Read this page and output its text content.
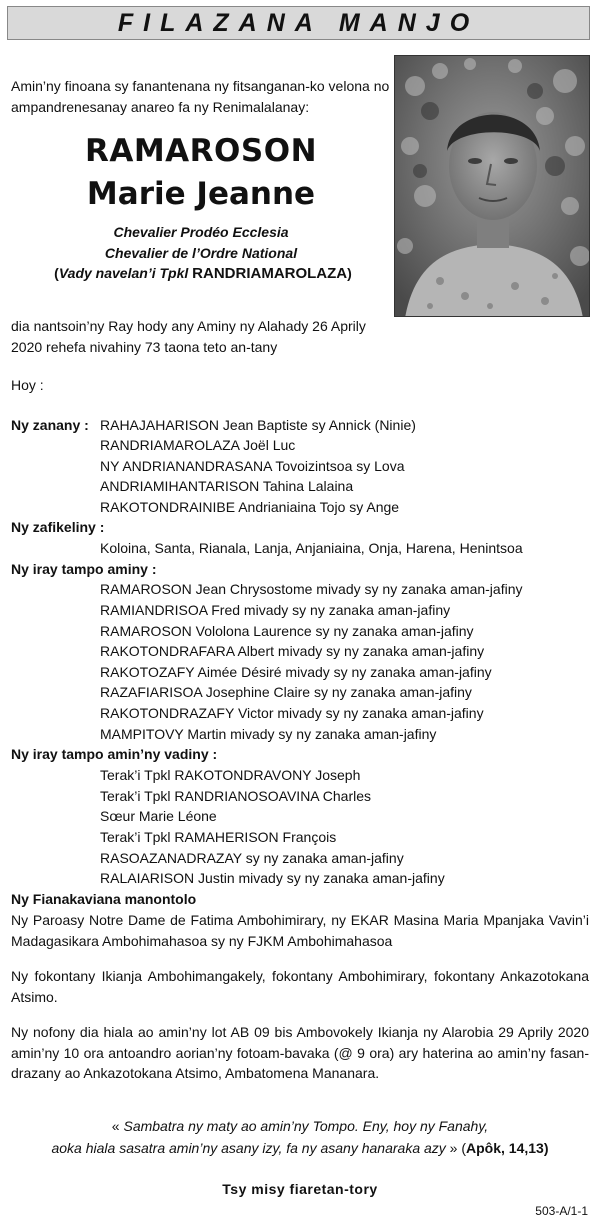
FILAZANA MANJO
Amin’ny finoana sy fanantenana ny fitsanganan-ko velona no ampandrenesanay anareo fa ny Renimalalanay:
RAMAROSON
Marie Jeanne
Chevalier Prodéo Ecclesia
Chevalier de l’Ordre National
(Vady navelan’i Tpkl RANDRIAMAROLAZA)
dia nantsoin’ny Ray hody any Aminy ny Alahady 26 Aprily 2020 rehefa nivahiny 73 taona teto an-tany
Hoy :
Ny zanany : RAHAJAHARISON Jean Baptiste sy Annick (Ninie)
RANDRIAMAROLAZA Joël Luc
NY ANDRIANANDRASANA Tovoizintsoa sy Lova
ANDRIAMIHANTARISON Tahina Lalaina
RAKOTONDRAINIBE Andrianiaina Tojo sy Ange
Ny zafikeliny :
Koloina, Santa, Rianala, Lanja, Anjaniaina, Onja, Harena, Henintsoa
Ny iray tampo aminy :
RAMAROSON Jean Chrysostome mivady sy ny zanaka aman-jafiny
RAMIANDRISOA Fred mivady sy ny zanaka aman-jafiny
RAMAROSON Vololona Laurence sy ny zanaka aman-jafiny
RAKOTONDRAFARA Albert mivady sy ny zanaka aman-jafiny
RAKOTOZAFY Aimée Désiré mivady sy ny zanaka aman-jafiny
RAZAFIARISOA Josephine Claire sy ny zanaka aman-jafiny
RAKOTONDRAZAFY Victor mivady sy ny zanaka aman-jafiny
MAMPITOVY Martin mivady sy ny zanaka aman-jafiny
Ny iray tampo amin’ny vadiny :
Terak’i Tpkl RAKOTONDRAVONY Joseph
Terak’i Tpkl RANDRIANOSOAVINA Charles
Sœur Marie Léone
Terak’i Tpkl RAMAHERISON François
RASOAZANADRAZAY sy ny zanaka aman-jafiny
RALAIARISON Justin mivady sy ny zanaka aman-jafiny
Ny Fianakaviana manontolo
Ny Paroasy Notre Dame de Fatima Ambohimirary, ny EKAR Masina Maria Mpanjaka Vavin’i Madagasikara Ambohimahasoa sy ny FJKM Ambohimahasoa
Ny fokontany Ikianja Ambohimangakely, fokontany Ambohimirary, fokontany Ankazotokana Atsimo.
Ny nofony dia hiala ao amin’ny lot AB 09 bis Ambovokely Ikianja ny Alarobia 29 Aprily 2020 amin’ny 10 ora antoandro aorian’ny fotoam-bavaka (@ 9 ora) ary haterina ao amin’ny fasan-drazany ao Ankazotokana Atsimo, Ambatomena Mananara.
« Sambatra ny maty ao amin’ny Tompo. Eny, hoy ny Fanahy,
aoka hiala sasatra amin’ny asany izy, fa ny asany hanaraka azy » (Apôk, 14,13)
Tsy misy fiaretan-tory
503-A/1-1
